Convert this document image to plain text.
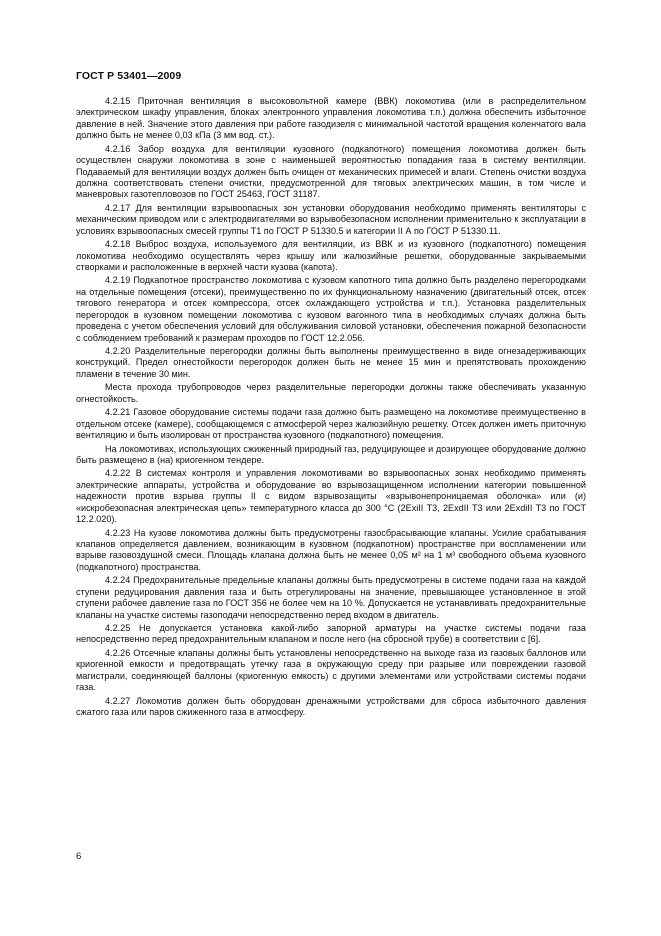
ГОСТ Р 53401—2009

4.2.15 Приточная вентиляция в высоковольтной камере (ВВК) локомотива (или в распределительном электрическом шкафу управления, блоках электронного управления локомотива т.п.) должна обеспечить избыточное давление в ней. Значение этого давления при работе газодизеля с минимальной частотой вращения коленчатого вала должно быть не менее 0,03 кПа (3 мм вод. ст.).

4.2.16 Забор воздуха для вентиляции кузовного (подкапотного) помещения локомотива должен быть осуществлен снаружи локомотива в зоне с наименьшей вероятностью попадания газа в систему вентиляции. Подаваемый для вентиляции воздух должен быть очищен от механических примесей и влаги. Степень очистки воздуха должна соответствовать степени очистки, предусмотренной для тяговых электрических машин, в том числе и маневровых газотепловозов по ГОСТ 25463, ГОСТ 31187.

4.2.17 Для вентиляции взрывоопасных зон установки оборудования необходимо применять вентиляторы с механическим приводом или с электродвигателями во взрывобезопасном исполнении применительно к эксплуатации в условиях взрывоопасных смесей группы Т1 по ГОСТ Р 51330.5 и категории II А по ГОСТ Р 51330.11.

4.2.18 Выброс воздуха, используемого для вентиляции, из ВВК и из кузовного (подкапотного) помещения локомотива необходимо осуществлять через крышу или жалюзийные решетки, оборудованные закрываемыми створками и расположенные в верхней части кузова (капота).

4.2.19 Подкапотное пространство локомотива с кузовом капотного типа должно быть разделено перегородками на отдельные помещения (отсеки), преимущественно по их функциональному назначению (двигательный отсек, отсек тягового генератора и отсек компрессора, отсек охлаждающего устройства и т.п.). Установка разделительных перегородок в кузовном помещении локомотива с кузовом вагонного типа в необходимых случаях должна быть проведена с учетом обеспечения условий для обслуживания силовой установки, обеспечения пожарной безопасности с соблюдением требований к размерам проходов по ГОСТ 12.2.056.

4.2.20 Разделительные перегородки должны быть выполнены преимущественно в виде огнезадерживающих конструкций. Предел огнестойкости перегородок должен быть не менее 15 мин и препятствовать прохождению пламени в течение 30 мин.

Места прохода трубопроводов через разделительные перегородки должны также обеспечивать указанную огнестойкость.

4.2.21 Газовое оборудование системы подачи газа должно быть размещено на локомотиве преимущественно в отдельном отсеке (камере), сообщающемся с атмосферой через жалюзийную решетку. Отсек должен иметь приточную вентиляцию и быть изолирован от пространства кузовного (подкапотного) помещения.

На локомотивах, использующих сжиженный природный газ, редуцирующее и дозирующее оборудование должно быть размещено в (на) криогенном тендере.

4.2.22 В системах контроля и управления локомотивами во взрывоопасных зонах необходимо применять электрические аппараты, устройства и оборудование во взрывозащищенном исполнении категории повышенной надежности против взрыва группы II с видом взрывозащиты «взрывонепроницаемая оболочка» или (и) «искробезопасная электрическая цепь» температурного класса до 300 °С (2ExiII Т3, 2ExdII Т3 или 2ExdiII Т3 по ГОСТ 12.2.020).

4.2.23 На кузове локомотива должны быть предусмотрены газосбрасывающие клапаны. Усилие срабатывания клапанов определяется давлением, возникающим в кузовном (подкапотном) пространстве при воспламенении или взрыве газовоздушной смеси. Площадь клапана должна быть не менее 0,05 м² на 1 м³ свободного объема кузовного (подкапотного) пространства.

4.2.24 Предохранительные предельные клапаны должны быть предусмотрены в системе подачи газа на каждой ступени редуцирования давления газа и быть отрегулированы на значение, превышающее установленное в этой ступени рабочее давление газа по ГОСТ 356 не более чем на 10 %. Допускается не устанавливать предохранительные клапаны на участке системы газоподачи непосредственно перед входом в двигатель.

4.2.25 Не допускается установка какой-либо запорной арматуры на участке системы подачи газа непосредственно перед предохранительным клапаном и после него (на сбросной трубе) в соответствии с [6].

4.2.26 Отсечные клапаны должны быть установлены непосредственно на выходе газа из газовых баллонов или криогенной емкости и предотвращать утечку газа в окружающую среду при разрыве или повреждении газовой магистрали, соединяющей баллоны (криогенную емкость) с другими элементами или устройствами системы подачи газа.

4.2.27 Локомотив должен быть оборудован дренажными устройствами для сброса избыточного давления сжатого газа или паров сжиженного газа в атмосферу.

6
